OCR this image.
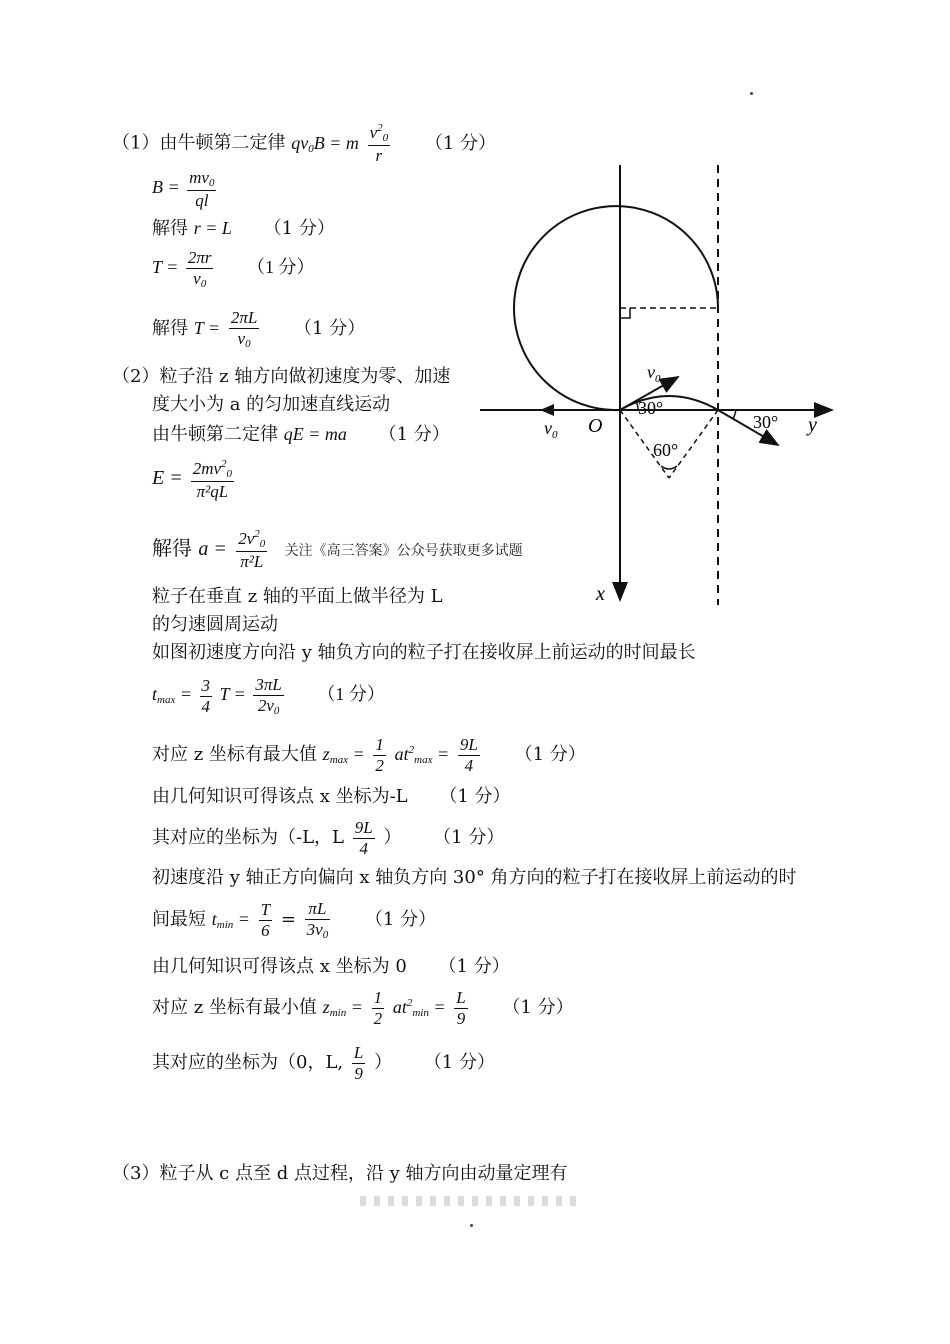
（1）由牛顿第二定律 $qv_0B = m \frac{v^2_0}{r} (1$ 分）
$B = \frac{mv_0}{ql}$
解得 r = L （1 分）
$T = \frac{2\pi r}{v_0} (1$ 分）
解得 $T = \frac{2\pi L}{v_0} (1$ 分）
（2）粒子沿 z 轴方向做初速度为零、加速
度大小为 a 的匀加速直线运动
由牛顿第二定律 qE = ma （1 分）
$E = \frac{2mv^2_0}{\text{π²qL}}$
解得 $a = \frac{2v^2_0}{\text{π²L}}$ 关注《高三答案》公众号获取更多试题
粒子在垂直 z 轴的平面上做半径为 L
的匀速圆周运动
如图初速度方向沿 y 轴负方向的粒子打在接收屏上前运动的时间最长
$t_{max} = \frac{3}{4}$ $T = \frac{3\pi L}{2v_0} (1$ 分）
对应 z 坐标有最大值 $z_{max} = \frac{1}{2} at^2_{max} = \frac{9L}{4} (1$ 分）
由几何知识可得该点 x 坐标为-L （1 分）
其对应的坐标为（-L，L $\frac{9L}{4}$ ） （1 分）
初速度沿 y 轴正方向偏向 x 轴负方向 30° 角方向的粒子打在接收屏上前运动的时
间最短 $t_{min} = \frac{T}{6} = \frac{\pi L}{3v_0} (1$ 分）
由几何知识可得该点 x 坐标为 0 （1 分）
对应 z 坐标有最小值 $z_{min} = \frac{1}{2} at^2_{min} = \frac{L}{9} (1$ 分）
其对应的坐标为（0，L, $\frac{L}{9}$ ） （1 分）
（3）粒子从 c 点至 d 点过程，沿 y 轴方向由动量定理有
$v_0$
30°
30°
$v_0$ O	y
x
60°
